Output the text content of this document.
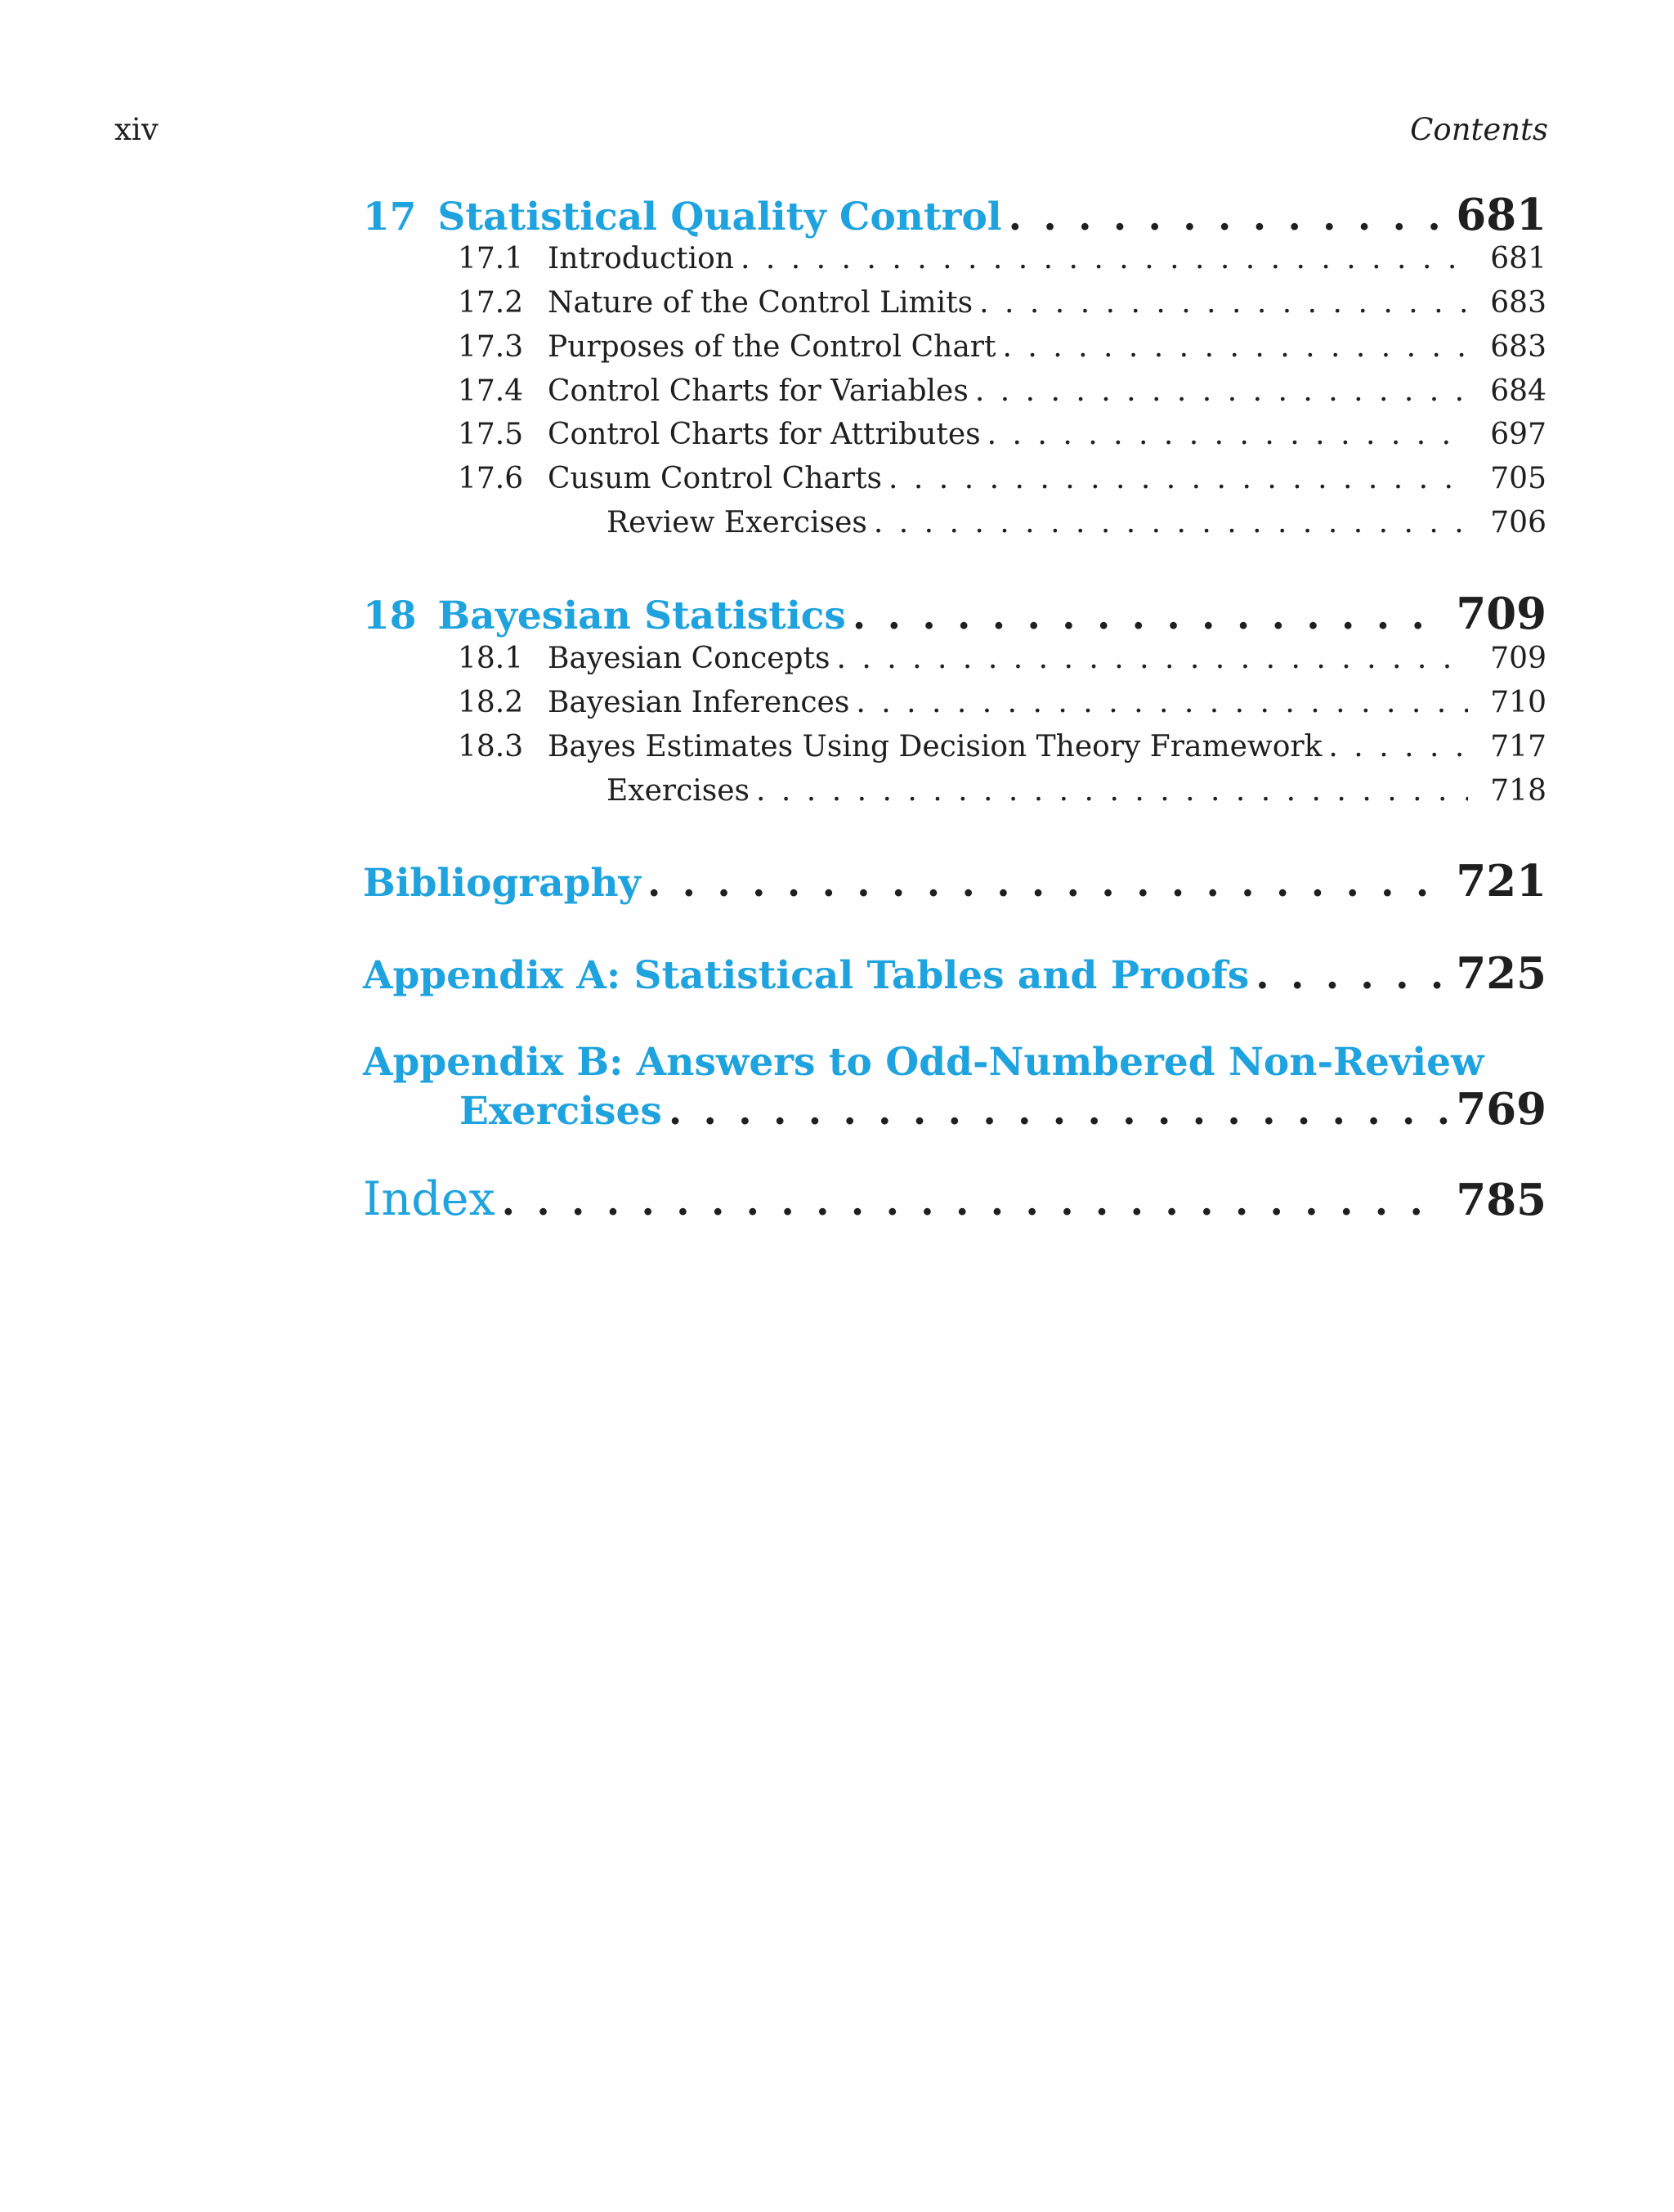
xiv	Contents
17 Statistical Quality Control . . .	681
17.1 Introduction . . .	681
17.2 Nature of the Control Limits . . .	683
17.3 Purposes of the Control Chart . . .	683
17.4 Control Charts for Variables . . .	684
17.5 Control Charts for Attributes . . .	697
17.6 Cusum Control Charts . . .	705
Review Exercises . . .	706
18 Bayesian Statistics . . .	709
18.1 Bayesian Concepts . . .	709
18.2 Bayesian Inferences . . .	710
18.3 Bayes Estimates Using Decision Theory Framework . . .	717
Exercises . . .	718
Bibliography . . .	721
Appendix A: Statistical Tables and Proofs . . .	725
Appendix B: Answers to Odd-Numbered Non-Review
Exercises . . .	769
Index . . .	785
